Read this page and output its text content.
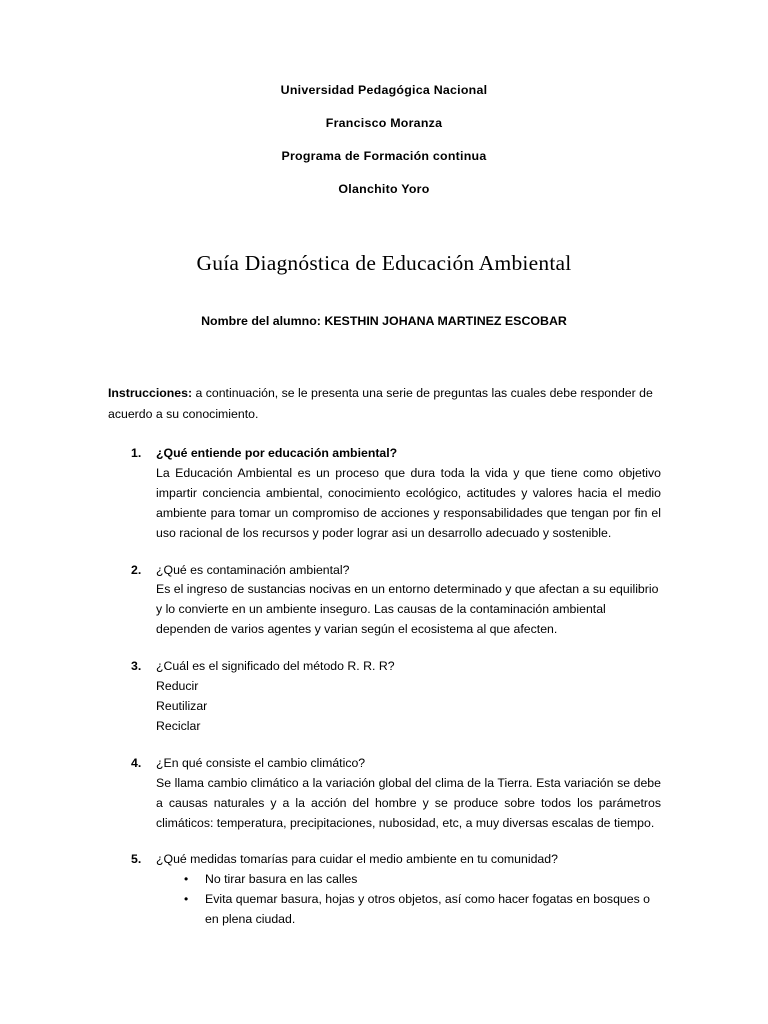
Universidad Pedagógica Nacional
Francisco Moranza
Programa de Formación continua
Olanchito Yoro
Guía Diagnóstica de Educación Ambiental
Nombre del alumno: KESTHIN JOHANA MARTINEZ ESCOBAR

Instrucciones: a continuación, se le presenta una serie de preguntas las cuales debe responder de acuerdo a su conocimiento.

1.	¿Qué entiende por educación ambiental?
La Educación Ambiental es un proceso que dura toda la vida y que tiene como objetivo impartir conciencia ambiental, conocimiento ecológico, actitudes y valores hacia el medio ambiente para tomar un compromiso de acciones y responsabilidades que tengan por fin el uso racional de los recursos y poder lograr asi un desarrollo adecuado y sostenible.
2.	¿Qué es contaminación ambiental?
Es el ingreso de sustancias nocivas en un entorno determinado y que afectan a su equilibrio y lo convierte en un ambiente inseguro. Las causas de la contaminación ambiental dependen de varios agentes y varian según el ecosistema al que afecten.
3.	¿Cuál es el significado del método R. R. R?
Reducir
Reutilizar
Reciclar
4.	¿En qué consiste el cambio climático?
Se llama cambio climático a la variación global del clima de la Tierra. Esta variación se debe a causas naturales y a la acción del hombre y se produce sobre todos los parámetros climáticos: temperatura, precipitaciones, nubosidad, etc, a muy diversas escalas de tiempo.
5.	¿Qué medidas tomarías para cuidar el medio ambiente en tu comunidad?
• No tirar basura en las calles
• Evita quemar basura, hojas y otros objetos, así como hacer fogatas en bosques o en plena ciudad.
